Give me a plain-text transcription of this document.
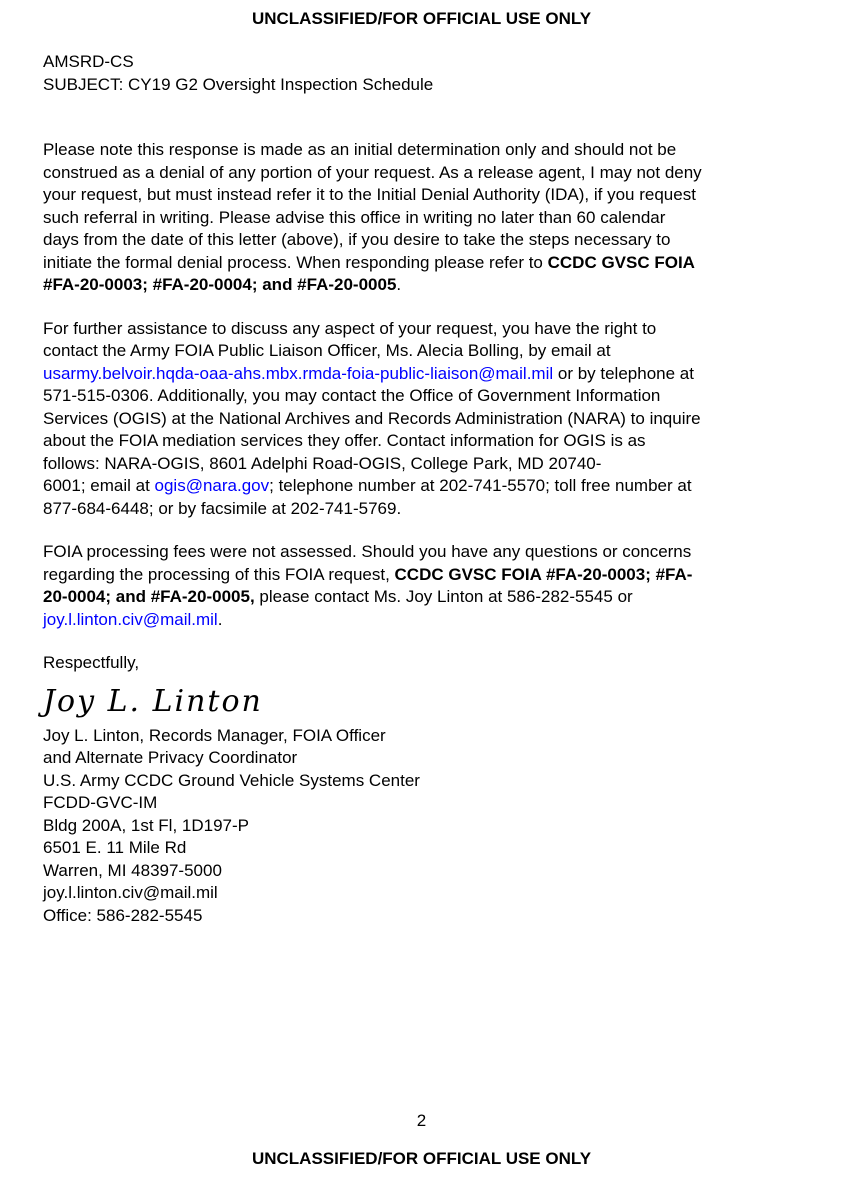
UNCLASSIFIED/FOR OFFICIAL USE ONLY
AMSRD-CS
SUBJECT: CY19 G2 Oversight Inspection Schedule
Please note this response is made as an initial determination only and should not be
construed as a denial of any portion of your request. As a release agent, I may not deny
your request, but must instead refer it to the Initial Denial Authority (IDA), if you request
such referral in writing. Please advise this office in writing no later than 60 calendar
days from the date of this letter (above), if you desire to take the steps necessary to
initiate the formal denial process. When responding please refer to CCDC GVSC FOIA
#FA-20-0003; #FA-20-0004; and #FA-20-0005.
For further assistance to discuss any aspect of your request, you have the right to
contact the Army FOIA Public Liaison Officer, Ms. Alecia Bolling, by email at
usarmy.belvoir.hqda-oaa-ahs.mbx.rmda-foia-public-liaison@mail.mil or by telephone at
571-515-0306. Additionally, you may contact the Office of Government Information
Services (OGIS) at the National Archives and Records Administration (NARA) to inquire
about the FOIA mediation services they offer. Contact information for OGIS is as
follows: NARA-OGIS, 8601 Adelphi Road-OGIS, College Park, MD 20740-
6001; email at ogis@nara.gov; telephone number at 202-741-5570; toll free number at
877-684-6448; or by facsimile at 202-741-5769.
FOIA processing fees were not assessed. Should you have any questions or concerns
regarding the processing of this FOIA request, CCDC GVSC FOIA #FA-20-0003; #FA-
20-0004; and #FA-20-0005, please contact Ms. Joy Linton at 586-282-5545 or
joy.l.linton.civ@mail.mil.
Respectfully,
Joy L. Linton
Joy L. Linton, Records Manager, FOIA Officer
and Alternate Privacy Coordinator
U.S. Army CCDC Ground Vehicle Systems Center
FCDD-GVC-IM
Bldg 200A, 1st Fl, 1D197-P
6501 E. 11 Mile Rd
Warren, MI 48397-5000
joy.l.linton.civ@mail.mil
Office: 586-282-5545
2
UNCLASSIFIED/FOR OFFICIAL USE ONLY
